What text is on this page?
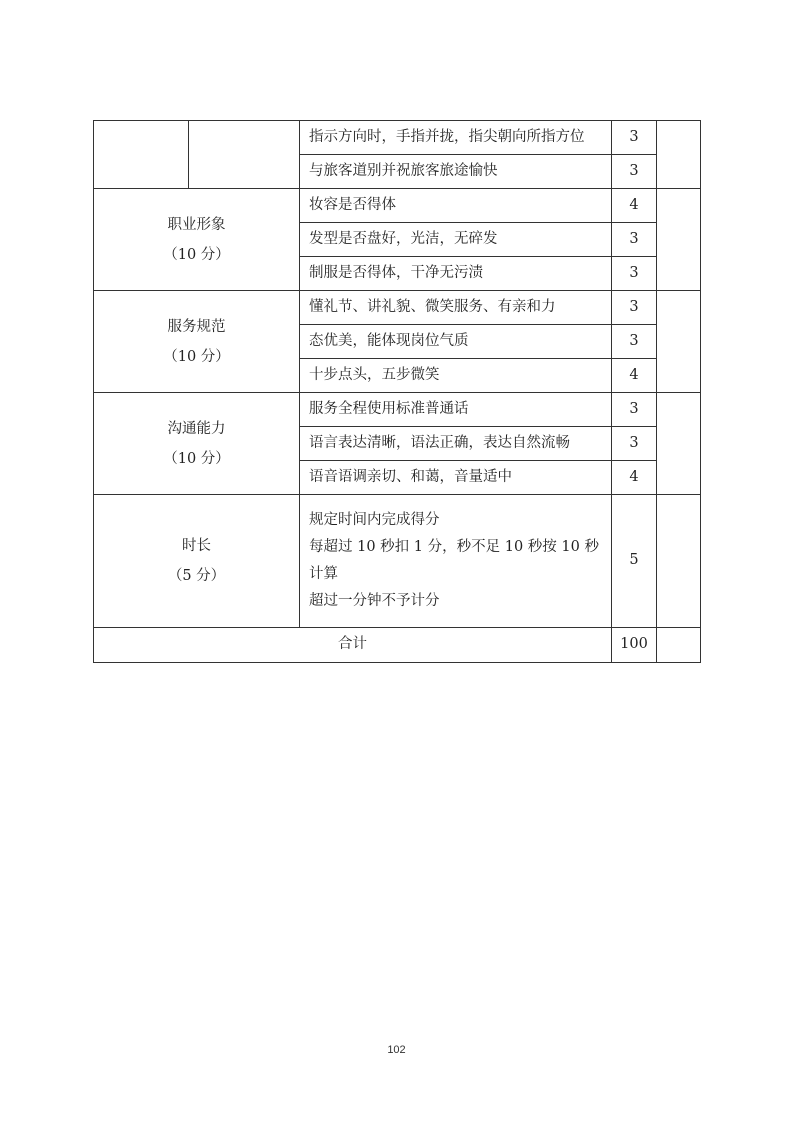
		指示方向时，手指并拢，指尖朝向所指方位	3	
		与旅客道别并祝旅客旅途愉快	3	

职业形象
（10 分）		妆容是否得体	4	
		发型是否盘好，光洁，无碎发	3	
		制服是否得体，干净无污渍	3	

服务规范
（10 分）		懂礼节、讲礼貌、微笑服务、有亲和力	3	
		态优美，能体现岗位气质	3	
		十步点头，五步微笑	4	

沟通能力
（10 分）		服务全程使用标准普通话	3	
		语言表达清晰，语法正确，表达自然流畅	3	
		语音语调亲切、和蔼，音量适中	4	

时长
（5 分）		规定时间内完成得分
每超过 10 秒扣 1 分，秒不足 10 秒按 10 秒
计算
超过一分钟不予计分	5	
合计			100	
102
